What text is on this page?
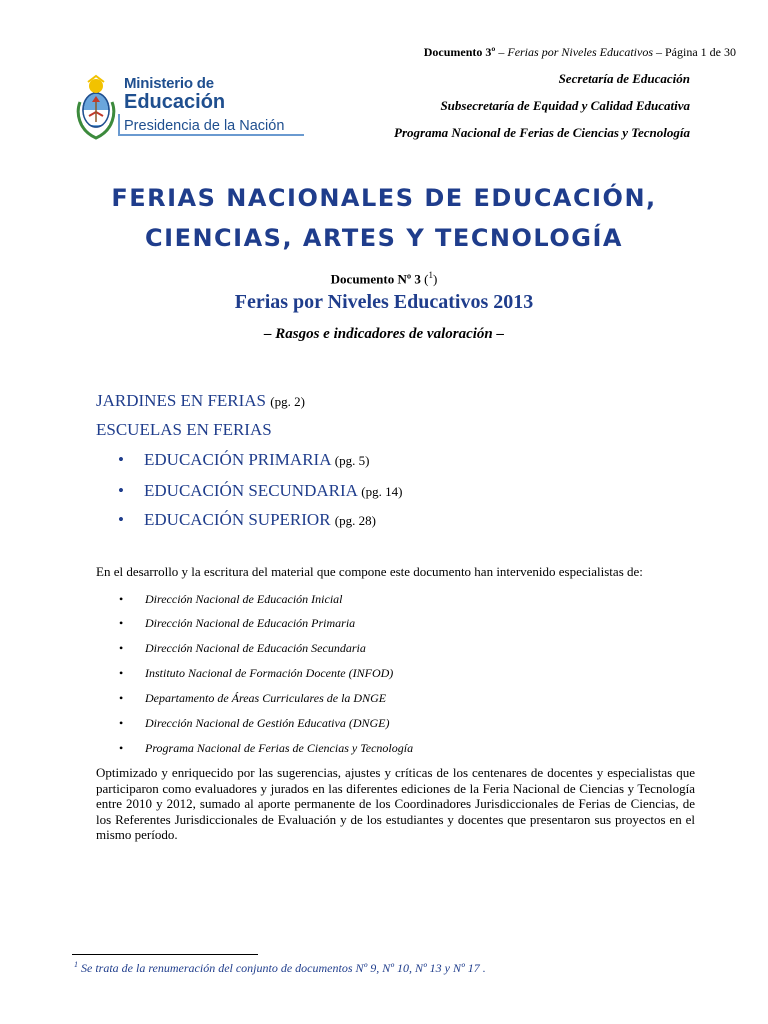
Documento 3º – Ferias por Niveles Educativos – Página 1 de 30
Secretaría de Educación
Subsecretaría de Equidad y Calidad Educativa
Programa Nacional de Ferias de Ciencias y Tecnología
Ministerio de
Educación
Presidencia de la Nación
FERIAS NACIONALES DE EDUCACIÓN,
CIENCIAS, ARTES Y TECNOLOGÍA
Documento Nº 3 ($^1$)
Ferias por Niveles Educativos 2013
– Rasgos e indicadores de valoración –
JARDINES EN FERIAS (pg. 2)
ESCUELAS EN FERIAS
• EDUCACIÓN PRIMARIA (pg. 5)
• EDUCACIÓN SECUNDARIA (pg. 14)
• EDUCACIÓN SUPERIOR (pg. 28)
En el desarrollo y la escritura del material que compone este documento han intervenido especialistas de:
• Dirección Nacional de Educación Inicial
• Dirección Nacional de Educación Primaria
• Dirección Nacional de Educación Secundaria
• Instituto Nacional de Formación Docente (INFOD)
• Departamento de Áreas Curriculares de la DNGE
• Dirección Nacional de Gestión Educativa (DNGE)
• Programa Nacional de Ferias de Ciencias y Tecnología
Optimizado y enriquecido por las sugerencias, ajustes y críticas de los centenares de docentes y especialistas que participaron como evaluadores y jurados en las diferentes ediciones de la Feria Nacional de Ciencias y Tecnología entre 2010 y 2012, sumado al aporte permanente de los Coordinadores Jurisdiccionales de Ferias de Ciencias, de los Referentes Jurisdiccionales de Evaluación y de los estudiantes y docentes que presentaron sus proyectos en el mismo período.
$^1$ Se trata de la renumeración del conjunto de documentos Nº 9, Nº 10, Nº 13 y Nº 17 .
